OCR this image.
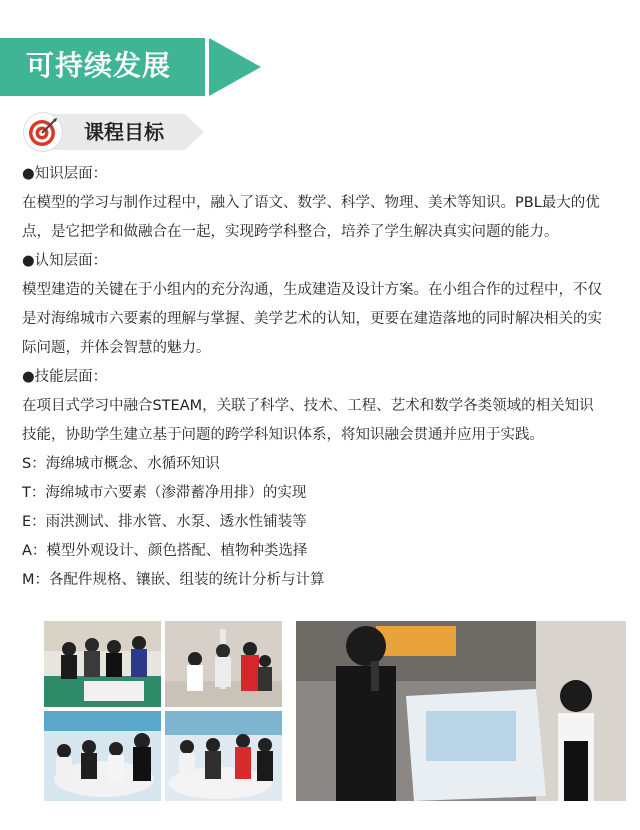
可持续发展
课程目标

●知识层面：

在模型的学习与制作过程中，融入了语文、数学、科学、物理、美术等知识。PBL最大的优

点，是它把学和做融合在一起，实现跨学科整合，培养了学生解决真实问题的能力。

●认知层面：

模型建造的关键在于小组内的充分沟通，生成建造及设计方案。在小组合作的过程中，不仅

是对海绵城市六要素的理解与掌握、美学艺术的认知，更要在建造落地的同时解决相关的实

际问题，并体会智慧的魅力。

●技能层面：

在项目式学习中融合STEAM，关联了科学、技术、工程、艺术和数学各类领域的相关知识

技能，协助学生建立基于问题的跨学科知识体系，将知识融会贯通并应用于实践。

S：海绵城市概念、水循环知识

T：海绵城市六要素（渗滞蓄净用排）的实现

E：雨洪测试、排水管、水泵、透水性铺装等

A：模型外观设计、颜色搭配、植物种类选择

M：各配件规格、镶嵌、组装的统计分析与计算
